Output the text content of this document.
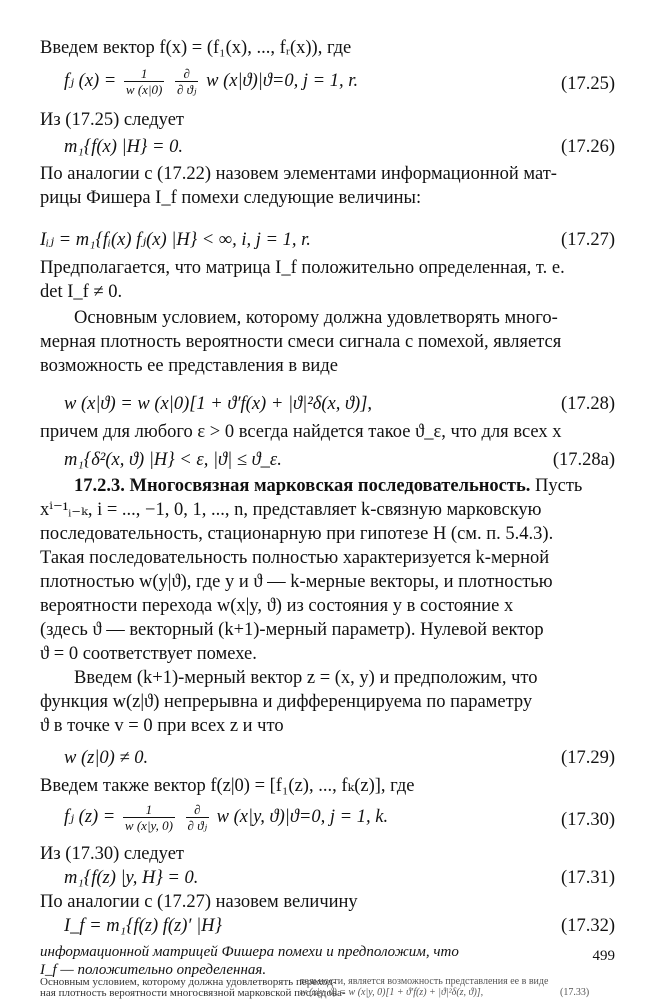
Введем вектор f(x) = (f₁(x), ..., fᵣ(x)), где
fⱼ $(x) = \frac{1}{w (x|0)}$
$\frac{\partial}{\text{∂ ϑⱼ}}$ w (x|ϑ)|ϑ=0, j = 1, r.	(17.25)
Из (17.25) следует
m₁{f(x) |H} = 0.	(17.26)
По аналогии с (17.22) назовем элементами информационной мат-
рицы Фишера I_f помехи следующие величины:
Iᵢⱼ = m₁{fᵢ(x) fⱼ(x) |H} < ∞, i, j = 1, r.	(17.27)
Предполагается, что матрица I_f положительно определенная, т. е.
det I_f ≠ 0.
Основным условием, которому должна удовлетворять много-
мерная плотность вероятности смеси сигнала с помехой, является
возможность ее представления в виде
w (x|ϑ) = w (x|0)[1 + ϑ′f(x) + |ϑ|²δ(x, ϑ)],	(17.28)
причем для любого ε > 0 всегда найдется такое ϑ_ε, что для всех x
m₁{δ²(x, ϑ) |H} < ε, |ϑ| ≤ ϑ_ε.	(17.28a)
17.2.3. Многосвязная марковская последовательность. Пусть
xⁱ⁻¹ᵢ₋ₖ, i = ..., −1, 0, 1, ..., n, представляет k-связную марковскую
последовательность, стационарную при гипотезе H (см. п. 5.4.3).
Такая последовательность полностью характеризуется k-мерной
плотностью w(y|ϑ), где y и ϑ — k-мерные векторы, и плотностью
вероятности перехода w(x|y, ϑ) из состояния y в состояние x
(здесь ϑ — векторный (k+1)-мерный параметр). Нулевой вектор
ϑ = 0 соответствует помехе.
Введем (k+1)-мерный вектор z = (x, y) и предположим, что
функция w(z|ϑ) непрерывна и дифференцируема по параметру
ϑ в точке v = 0 при всех z и что
w (z|0) ≠ 0.	(17.29)
Введем также вектор f(z|0) = [f₁(z), ..., fₖ(z)], где
fⱼ $(z) = \frac{1}{w (x|y, 0)}$
$\frac{\partial}{\text{∂ ϑⱼ}}$ w (x|y, ϑ)|ϑ=0, j = 1, k.	(17.30)
Из (17.30) следует
m₁{f(z) |y, H} = 0.	(17.31)
По аналогии с (17.27) назовем величину
I_f = m₁{f(z) f(z)′ |H}	(17.32)
информационной матрицей Фишера помехи и предположим, что
I_f — положительно определенная.
Основным условием, которому должна удовлетворять переход-
ная плотность вероятности многосвязной марковской последова-
тельности, является возможность представления ее в виде
w (x|y, ϑ) = w (x|y, 0)[1 + ϑ′f(z) + |ϑ|²δ(z, ϑ)],	(17.33)
499
